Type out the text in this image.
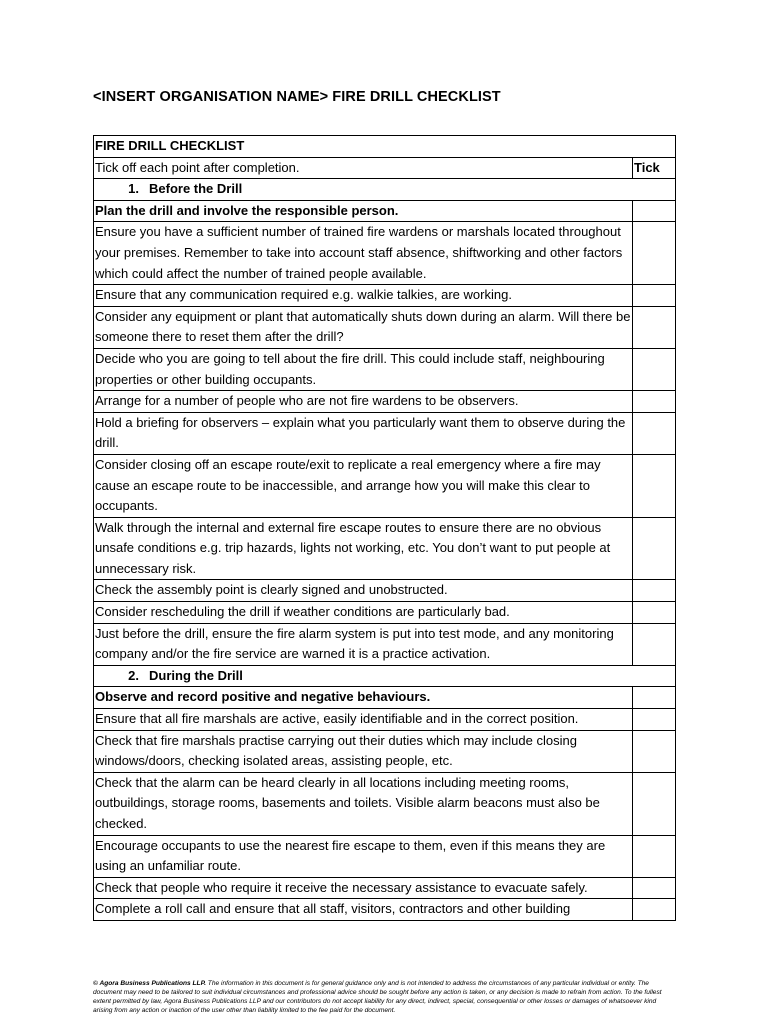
<INSERT ORGANISATION NAME> FIRE DRILL CHECKLIST
FIRE DRILL CHECKLIST	
Tick off each point after completion.	Tick
1. Before the Drill	
Plan the drill and involve the responsible person.	
Ensure you have a sufficient number of trained fire wardens or marshals located throughout your premises. Remember to take into account staff absence, shiftworking and other factors which could affect the number of trained people available.	
Ensure that any communication required e.g. walkie talkies, are working.	
Consider any equipment or plant that automatically shuts down during an alarm. Will there be someone there to reset them after the drill?	
Decide who you are going to tell about the fire drill. This could include staff, neighbouring properties or other building occupants.	
Arrange for a number of people who are not fire wardens to be observers.	
Hold a briefing for observers – explain what you particularly want them to observe during the drill.	
Consider closing off an escape route/exit to replicate a real emergency where a fire may cause an escape route to be inaccessible, and arrange how you will make this clear to occupants.	
Walk through the internal and external fire escape routes to ensure there are no obvious unsafe conditions e.g. trip hazards, lights not working, etc. You don’t want to put people at unnecessary risk.	
Check the assembly point is clearly signed and unobstructed.	
Consider rescheduling the drill if weather conditions are particularly bad.	
Just before the drill, ensure the fire alarm system is put into test mode, and any monitoring company and/or the fire service are warned it is a practice activation.	
2. During the Drill	
Observe and record positive and negative behaviours.	
Ensure that all fire marshals are active, easily identifiable and in the correct position.	
Check that fire marshals practise carrying out their duties which may include closing windows/doors, checking isolated areas, assisting people, etc.	
Check that the alarm can be heard clearly in all locations including meeting rooms, outbuildings, storage rooms, basements and toilets. Visible alarm beacons must also be checked.	
Encourage occupants to use the nearest fire escape to them, even if this means they are using an unfamiliar route.	
Check that people who require it receive the necessary assistance to evacuate safely.	
Complete a roll call and ensure that all staff, visitors, contractors and other building	

© Agora Business Publications LLP. The information in this document is for general guidance only and is not intended to address the circumstances of any particular individual or entity. The document may need to be tailored to suit individual circumstances and professional advice should be sought before any action is taken, or any decision is made to refrain from action. To the fullest extent permitted by law, Agora Business Publications LLP and our contributors do not accept liability for any direct, indirect, special, consequential or other losses or damages of whatsoever kind arising from any action or inaction of the user other than liability limited to the fee paid for the document.
